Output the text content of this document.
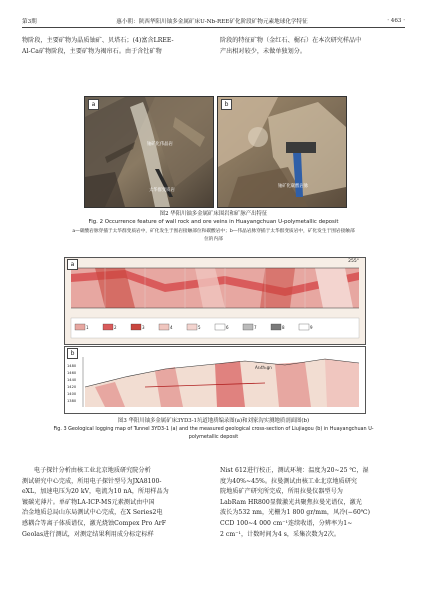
第3期	惠小朝：陕西华阳川铀多金属矿床U-Nb-REE矿化阶段矿物元素地球化学特征	· 463 ·
物阶段，主要矿物为晶质铀矿、贝塔石；(4)富含LREE-
Al-Ca矿物阶段，主要矿物为褐帘石。由于含钍矿物
阶段的特征矿物（金红石、榍石）在本次研究样品中
产出相对较少，未做单独划分。
a
铀矿化伟晶岩
太华群变质岩
b
铀矿化碳酸岩脉
图2 华阳川铀多金属矿床围岩和矿脉产出特征
Fig. 2 Occurrence feature of wall rock and ore veins in Huayangchuan U-polymetallic deposit
a—碳酸岩脉穿插于太华群变质岩中，矿化发生于围岩接触部位和碳酸岩中；b—伟晶岩脉穿插于太华群变质岩中，矿化发生于围岩接触部
位的内部
a	255°
1	2	3	4	5	6	7	8	9
b
1480
1460
1440
1420
1400
1380
Ar₂th₁gn
图3 华阳川铀多金属矿床3YD3-1坑道地质编录图(a)和刘家沟实测地质剖面图(b)
Fig. 3 Geological logging map of Tunnel 3YD3-1 (a) and the measured geological cross-section of Liujiagou (b) in Huayangchuan U-
polymetallic deposit
电子探针分析由核工业北京地质研究院分析
测试研究中心完成，所用电子探针型号为JXA8100-
eXL，加速电压为20 kV，电流为10 nA，所用样品为
镀碳光薄片。单矿物LA-ICP-MS元素测试由中国
冶金地质总局山东局测试中心完成，在X Series2电
感耦合等离子体质谱仪，激光烧蚀Compex Pro ArF
Geolas进行测试，对测定结果利用成分标定标样
Nist 612进行校正，测试环境：温度为20~25 ℃，湿
度为40%~45%。拉曼测试由核工业北京地质研究
院地质矿产研究所完成，所用拉曼仪器型号为
LabRam HR800显微激光共聚焦拉曼光谱仪，激光
波长为532 nm，光栅为1 800 gr/mm，风冷(−60℃)
CCD 100~4 000 cm⁻¹连续收谱，分辨率为1~
2 cm⁻¹，计数时间为4 s，采集次数为2次。
